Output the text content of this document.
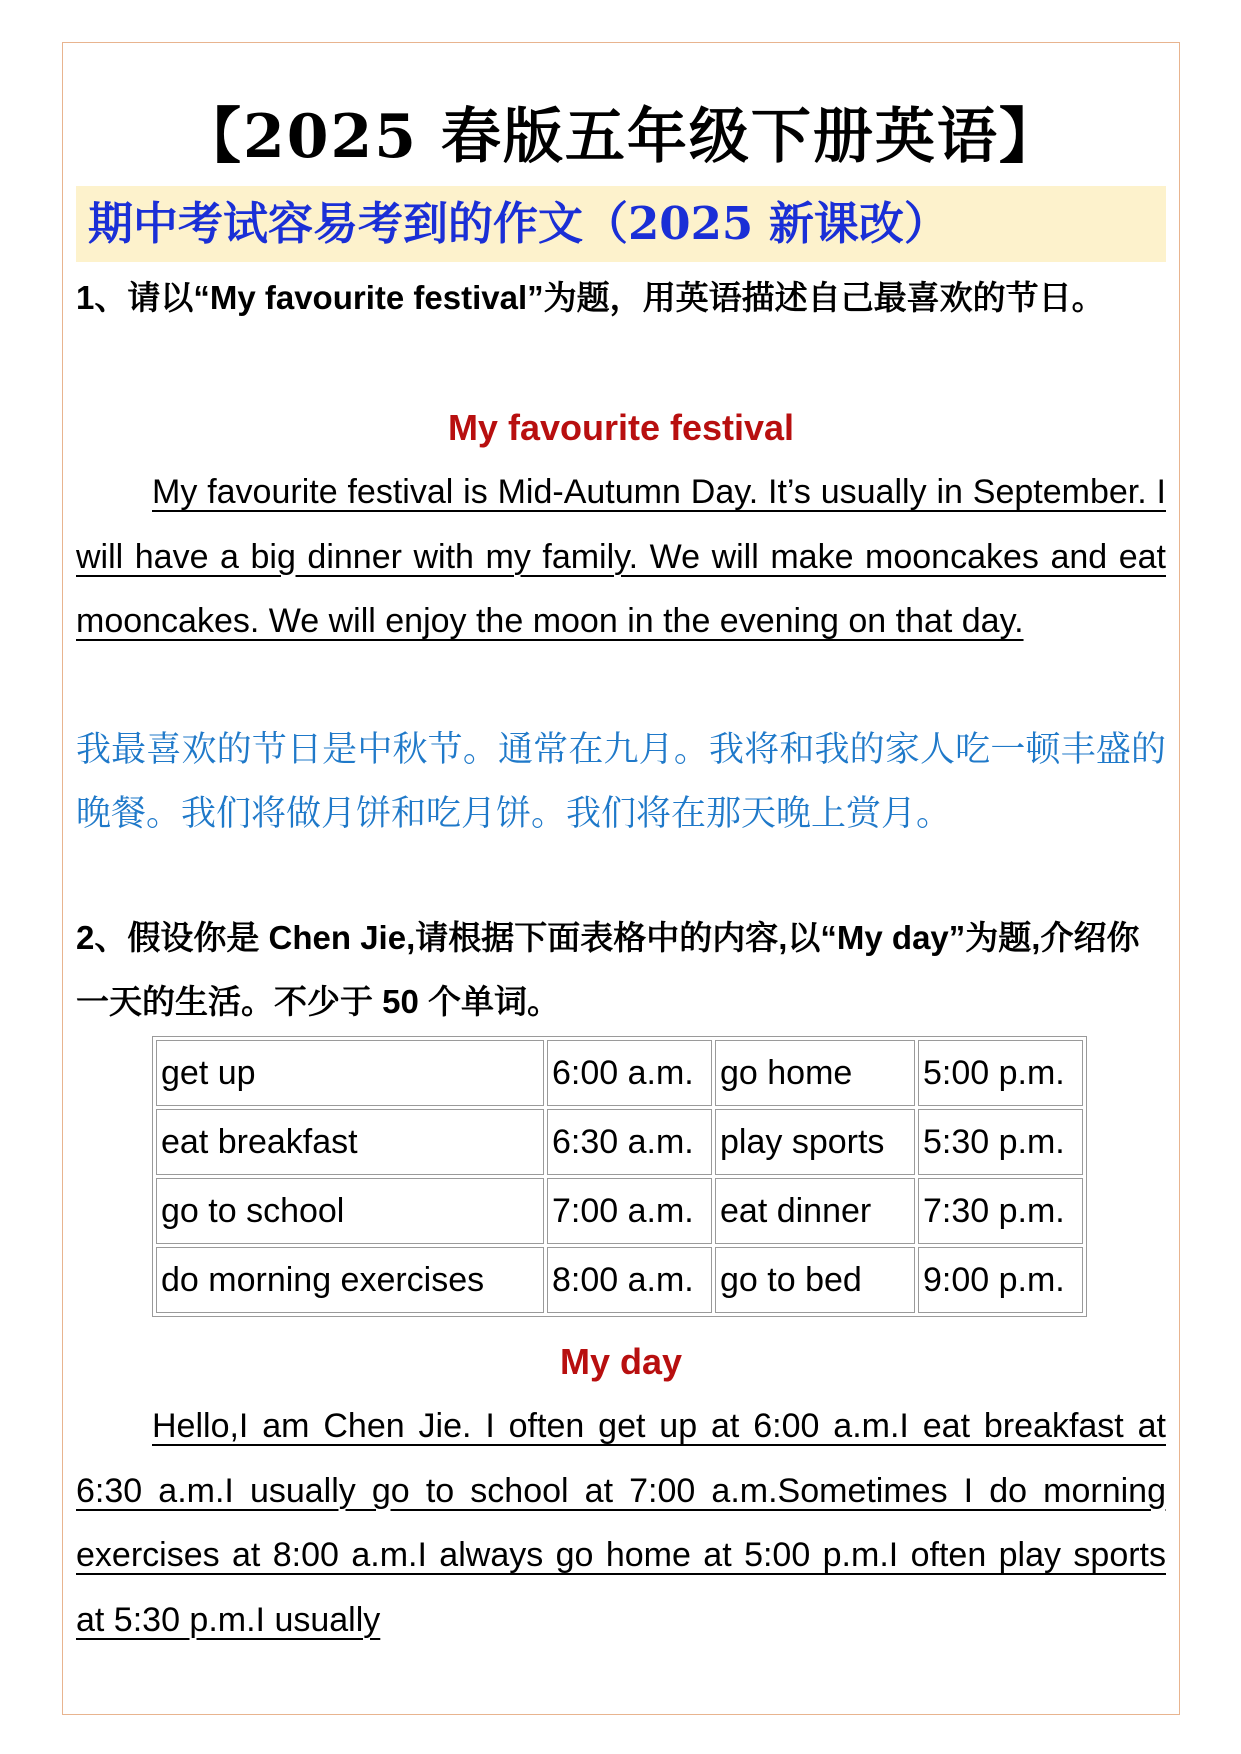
【2025 春版五年级下册英语】
期中考试容易考到的作文（2025 新课改）

1、请以“My favourite festival”为题，用英语描述自己最喜欢的节日。

My favourite festival

My favourite festival is Mid-Autumn Day. It’s usually in September. I will have a big dinner with my family. We will make mooncakes and eat mooncakes. We will enjoy the moon in the evening on that day.

我最喜欢的节日是中秋节。通常在九月。我将和我的家人吃一顿丰盛的晚餐。我们将做月饼和吃月饼。我们将在那天晚上赏月。

2、假设你是 Chen Jie,请根据下面表格中的内容,以“My day”为题,介绍你一天的生活。不少于 50 个单词。

get up	6:00 a.m.	go home	5:00 p.m.
eat breakfast	6:30 a.m.	play sports	5:30 p.m.
go to school	7:00 a.m.	eat dinner	7:30 p.m.
do morning exercises	8:00 a.m.	go to bed	9:00 p.m.

My day

Hello,I am Chen Jie. I often get up at 6:00 a.m.I eat breakfast at 6:30 a.m.I usually go to school at 7:00 a.m.Sometimes I do morning exercises at 8:00 a.m.I always go home at 5:00 p.m.I often play sports at 5:30 p.m.I usually
